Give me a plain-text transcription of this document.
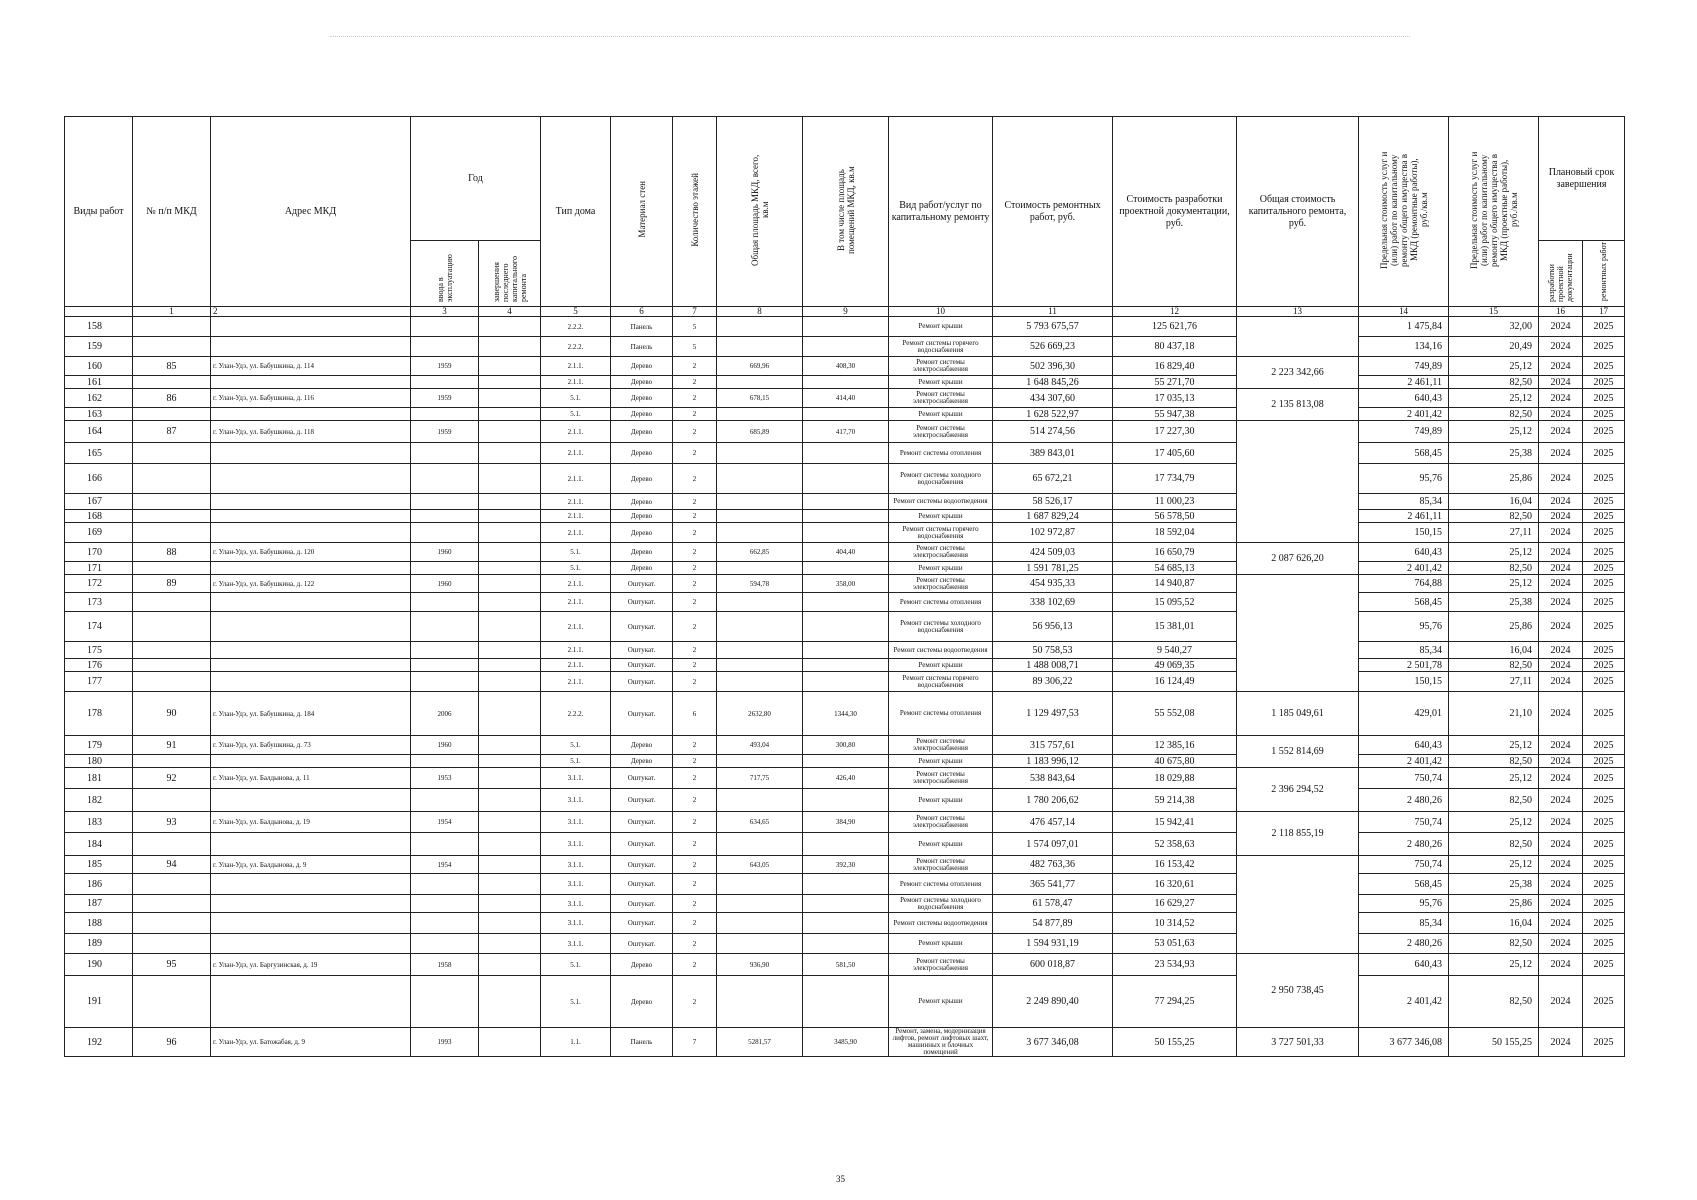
Виды работ	№ п/п МКД	Адрес МКД	Год		Тип дома	Материал стен	Количество этажей	Общая площадь МКД, всего, кв.м	В том числе площадь помещений МКД, кв.м	Вид работ/услуг по капитальному ремонту	Стоимость ремонтных работ, руб.	Стоимость разработки проектной документации, руб.	Общая стоимость капитального ремонта, руб.	Предельная стоимость услуг и (или) работ по капитальному ремонту общего имущества в МКД (ремонтные работы), руб./кв.м	Предельная стоимость услуг и (или) работ по капитальному ремонту общего имущества в МКД (проектные работы), руб./кв.м	Плановый срок завершения	
			ввода в эксплуатацию	завершения последнего капитального ремонта												разработки проектной документации	ремонтных работ
	1	2	3	4	5	6	7	8	9	10	11	12	13	14	15	16	17
158					2.2.2.	Панель	5			Ремонт крыши	5 793 675,57	125 621,76		1 475,84	32,00	2024	2025
159					2.2.2.	Панель	5			Ремонт системы горячего водоснабжения	526 669,23	80 437,18		134,16	20,49	2024	2025
160	85	г. Улан-Удэ, ул. Бабушкина, д. 114	1959		2.1.1.	Дерево	2	669,96	408,30	Ремонт системы электроснабжения	502 396,30	16 829,40	2 223 342,66	749,89	25,12	2024	2025
161					2.1.1.	Дерево	2			Ремонт крыши	1 648 845,26	55 271,70		2 461,11	82,50	2024	2025
162	86	г. Улан-Удэ, ул. Бабушкина, д. 116	1959		5.1.	Дерево	2	678,15	414,40	Ремонт системы электроснабжения	434 307,60	17 035,13	2 135 813,08	640,43	25,12	2024	2025
163					5.1.	Дерево	2			Ремонт крыши	1 628 522,97	55 947,38		2 401,42	82,50	2024	2025
164	87	г. Улан-Удэ, ул. Бабушкина, д. 118	1959		2.1.1.	Дерево	2	685,89	417,70	Ремонт системы электроснабжения	514 274,56	17 227,30		749,89	25,12	2024	2025
165					2.1.1.	Дерево	2			Ремонт системы отопления	389 843,01	17 405,60		568,45	25,38	2024	2025
166					2.1.1.	Дерево	2			Ремонт системы холодного водоснабжения	65 672,21	17 734,79		95,76	25,86	2024	2025
167					2.1.1.	Дерево	2			Ремонт системы водоотведения	58 526,17	11 000,23		85,34	16,04	2024	2025
168					2.1.1.	Дерево	2			Ремонт крыши	1 687 829,24	56 578,50		2 461,11	82,50	2024	2025
169					2.1.1.	Дерево	2			Ремонт системы горячего водоснабжения	102 972,87	18 592,04		150,15	27,11	2024	2025
170	88	г. Улан-Удэ, ул. Бабушкина, д. 120	1960		5.1.	Дерево	2	662,85	404,40	Ремонт системы электроснабжения	424 509,03	16 650,79	2 087 626,20	640,43	25,12	2024	2025
171					5.1.	Дерево	2			Ремонт крыши	1 591 781,25	54 685,13		2 401,42	82,50	2024	2025
172	89	г. Улан-Удэ, ул. Бабушкина, д. 122	1960		2.1.1.	Оштукат.	2	594,78	358,00	Ремонт системы электроснабжения	454 935,33	14 940,87		764,88	25,12	2024	2025
173					2.1.1.	Оштукат.	2			Ремонт системы отопления	338 102,69	15 095,52		568,45	25,38	2024	2025
174					2.1.1.	Оштукат.	2			Ремонт системы холодного водоснабжения	56 956,13	15 381,01		95,76	25,86	2024	2025
175					2.1.1.	Оштукат.	2			Ремонт системы водоотведения	50 758,53	9 540,27		85,34	16,04	2024	2025
176					2.1.1.	Оштукат.	2			Ремонт крыши	1 488 008,71	49 069,35		2 501,78	82,50	2024	2025
177					2.1.1.	Оштукат.	2			Ремонт системы горячего водоснабжения	89 306,22	16 124,49		150,15	27,11	2024	2025
178	90	г. Улан-Удэ, ул. Бабушкина, д. 184	2006		2.2.2.	Оштукат.	6	2632,80	1344,30	Ремонт системы отопления	1 129 497,53	55 552,08	1 185 049,61	429,01	21,10	2024	2025
179	91	г. Улан-Удэ, ул. Бабушкина, д. 73	1960		5.1.	Дерево	2	493,04	300,80	Ремонт системы электроснабжения	315 757,61	12 385,16	1 552 814,69	640,43	25,12	2024	2025
180					5.1.	Дерево	2			Ремонт крыши	1 183 996,12	40 675,80		2 401,42	82,50	2024	2025
181	92	г. Улан-Удэ, ул. Балдынова, д. 11	1953		3.1.1.	Оштукат.	2	717,75	426,40	Ремонт системы электроснабжения	538 843,64	18 029,88	2 396 294,52	750,74	25,12	2024	2025
182					3.1.1.	Оштукат.	2			Ремонт крыши	1 780 206,62	59 214,38		2 480,26	82,50	2024	2025
183	93	г. Улан-Удэ, ул. Балдынова, д. 19	1954		3.1.1.	Оштукат.	2	634,65	384,90	Ремонт системы электроснабжения	476 457,14	15 942,41	2 118 855,19	750,74	25,12	2024	2025
184					3.1.1.	Оштукат.	2			Ремонт крыши	1 574 097,01	52 358,63		2 480,26	82,50	2024	2025
185	94	г. Улан-Удэ, ул. Балдынова, д. 9	1954		3.1.1.	Оштукат.	2	643,05	392,30	Ремонт системы электроснабжения	482 763,36	16 153,42		750,74	25,12	2024	2025
186					3.1.1.	Оштукат.	2			Ремонт системы отопления	365 541,77	16 320,61		568,45	25,38	2024	2025
187					3.1.1.	Оштукат.	2			Ремонт системы холодного водоснабжения	61 578,47	16 629,27		95,76	25,86	2024	2025
188					3.1.1.	Оштукат.	2			Ремонт системы водоотведения	54 877,89	10 314,52		85,34	16,04	2024	2025
189					3.1.1.	Оштукат.	2			Ремонт крыши	1 594 931,19	53 051,63		2 480,26	82,50	2024	2025
190	95	г. Улан-Удэ, ул. Баргузинская, д. 19	1958		5.1.	Дерево	2	936,90	581,50	Ремонт системы электроснабжения	600 018,87	23 534,93	2 950 738,45	640,43	25,12	2024	2025
191					5.1.	Дерево	2			Ремонт крыши	2 249 890,40	77 294,25		2 401,42	82,50	2024	2025
192	96	г. Улан-Удэ, ул. Батожабая, д. 9	1993		1.1.	Панель	7	5281,57	3485,90	Ремонт, замена, модернизация лифтов, ремонт лифтовых шахт, машинных и блочных помещений	3 677 346,08	50 155,25	3 727 501,33	3 677 346,08	50 155,25	2024	2025
35
